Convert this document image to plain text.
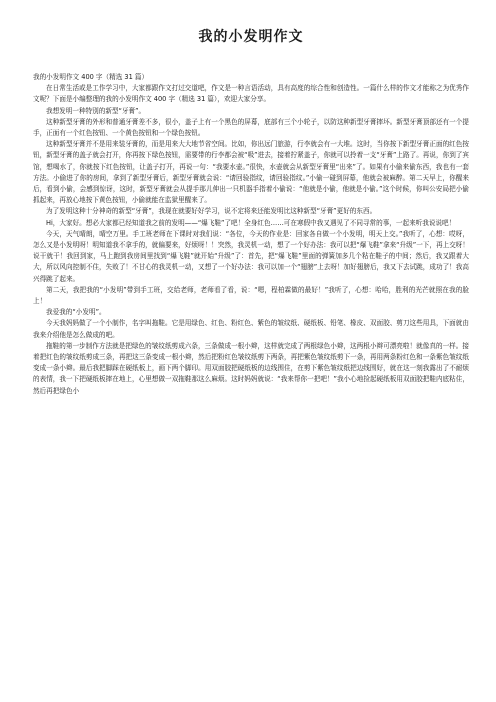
我的小发明作文

我的小发明作文 400 字（精选 31 篇）

在日常生活或是工作学习中，大家都跟作文打过交道吧，作文是一种言语活动，具有高度的综合性和创造性。一篇什么样的作文才能称之为优秀作文呢？下面是小编整理的我的小发明作文 400 字（精选 31 篇），欢迎大家分享。

我想发明一种特别的新型“牙膏”。

这种新型牙膏的外形和普通牙膏差不多，很小，盖子上有一个黑色的屏幕，底部有三个小轮子，以防这种新型牙膏摔坏。新型牙膏顶部还有一个提手，正面有一个红色按钮、一个黄色按钮和一个绿色按钮。

这种新型牙膏并不是用来装牙膏的，而是用来大大地节省空间。比如，你出远门旅游，行李就会有一大堆。这时，当你按下新型牙膏正面的红色按钮，新型牙膏的盖子就会打开，你再按下绿色按钮，需要带的行李都会被“吸”进去，接着拧紧盖子，你就可以拎着一支“牙膏”上路了。再说，你到了宾馆，想喝水了，你就按下红色按钮，让盖子打开，再说一句：“我要水壶。”很快，水壶就会从新型牙膏里“出来”了。如果有小偷来偷东西，我也有一套方法。小偷进了你的房间，拿到了新型牙膏后，新型牙膏就会说：“请回验指纹，请回验指纹。”小偷一碰到屏幕，他就会被麻醉。第二天早上，你醒来后，看到小偷，会感到惊讶，这时，新型牙膏就会从提手那儿伸出一只机器手指着小偷说：“他就是小偷，他就是小偷。”这个时候，你叫公安局把小偷抓起来，再放心地按下黄色按钮，小偷就能在监狱里醒来了。

为了发明这种十分神奇的新型“牙膏”，我现在就要好好学习，说不定将来还能发明比这种新型“牙膏”更好的东西。

Hi，大家好。想必大家都已经知道我之前的发明——“爆飞鞋”了吧！全身红色……可在寒假中我又遇见了不同寻常的事，一起来听我说说吧！

今天，天气晴朗，晴空万里。手工班老师在下课时对我们说：“各位，今天的作业是：回家各自做一个小发明，明天上交。”我听了，心想：哎呀，怎么又是小发明呀！明知道我不拿手的，就偏要来，好烦呀！！突然，我灵机一动，想了一个好办法：我可以把“爆飞鞋”拿来“升级”一下，再上交呀！说干就干！我回到家，马上跑到我房间里找到“爆飞鞋”就开始“升级”了：首先，把“爆飞鞋”里面的弹簧加多几个粘在鞋子的中间；然后，我又跟着大大，所以风向控制不住，失败了！不甘心的我灵机一动，又想了一个好办法：我可以加一个“翅膀”上去呀！加好翅膀后，我又下去试跳，成功了！我高兴得跳了起来。

第二天，我把我的“小发明”带到手工班，交给老师，老师看了看，说：“嗯，程柏霖做的最好！”我听了，心想：哈哈，胜利的光芒就照在我的脸上！

我爱我的“小发明”。

今天我妈妈做了一个小制作，名字叫拖鞋。它是用绿色、红色、粉红色、紫色的皱纹纸、硬纸板、铅笔、橡皮、双面胶、剪刀这些用具，下面就由我来介绍他是怎么做成的吧。

拖鞋的第一步制作方法就是把绿色的皱纹纸剪成六条，三条做成一根小辫，这样就完成了两根绿色小辫，这两根小辫可漂亮啦！就像真的一样。接着把红色的皱纹纸剪成三条，再把这三条变成一根小辫，然后把粉红色皱纹纸剪下两条，再把紫色皱纹纸剪下一条，再用两条粉红色和一条紫色皱纹纸变成一条小辫。最后我把脚踩在硬纸板上，画下两个脚印。用双面胶把硬纸板的边线围住，在剪下紫色皱纹纸把边线围好，就在这一刻我露出了不耐烦的表情，我一下把硬纸板摔在地上，心里想做一双拖鞋那这么麻烦。这时妈妈就说：“我来帮你一把吧！”我小心地捡起硬纸板用双面胶把鞋内底粘住，然后再把绿色小
